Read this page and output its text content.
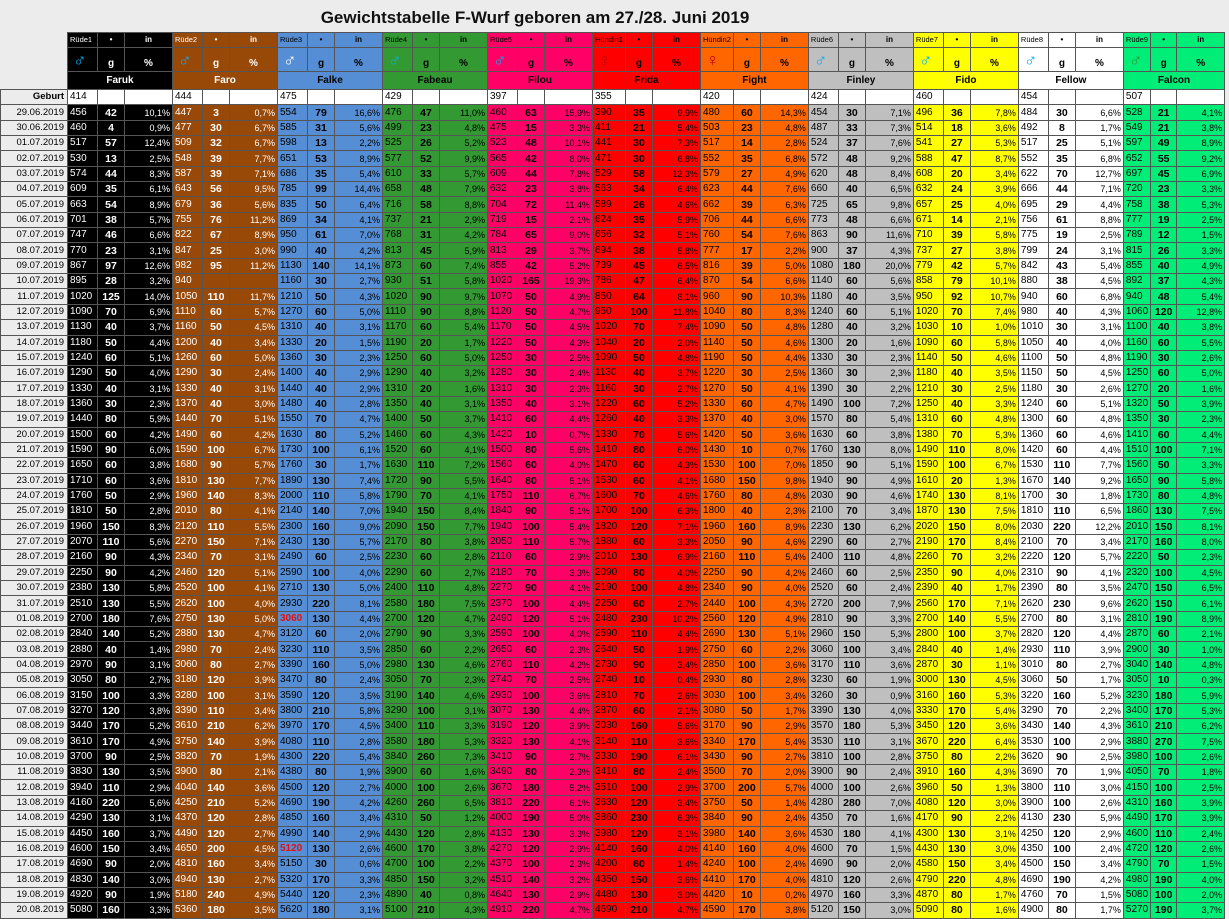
Gewichtstabelle F-Wurf geboren am 27./28. Juni 2019
	Rüde1	•	in	Rüde2	•	in	Rüde3	•	in	Rüde4	•	in	Rüde5	•	in	Hündin1	•	in	Hündin2	•	in	Rüde6	•	in	Rüde7	•	in	Rüde8	•	in	Rüde9	•	in

	♂	g	%	♂	g	%	♂	g	%	♂	g	%	♂	g	%	♀	g	%	♀	g	%	♂	g	%	♂	g	%	♂	g	%	♂	g	%
	Faruk			Faro			Falke			Fabeau			Filou			Frida			Fight			Finley			Fido			Fellow			Falcon		
Geburt	414			444			475			429			397			355			420			424			460			454			507		
29.06.2019	456	42	10,1%	447	3	0,7%	554	79	16,6%	476	47	11,0%	460	63	15,9%	390	35	9,9%	480	60	14,3%	454	30	7,1%	496	36	7,8%	484	30	6,6%	528	21	4,1%
30.06.2019	460	4	0,9%	477	30	6,7%	585	31	5,6%	499	23	4,8%	475	15	3,3%	411	21	5,4%	503	23	4,8%	487	33	7,3%	514	18	3,6%	492	8	1,7%	549	21	3,8%
01.07.2019	517	57	12,4%	509	32	6,7%	598	13	2,2%	525	26	5,2%	523	48	10,1%	441	30	7,3%	517	14	2,8%	524	37	7,6%	541	27	5,3%	517	25	5,1%	597	49	8,9%
02.07.2019	530	13	2,5%	548	39	7,7%	651	53	8,9%	577	52	9,9%	565	42	8,0%	471	30	6,8%	552	35	6,8%	572	48	9,2%	588	47	8,7%	552	35	6,8%	652	55	9,2%
03.07.2019	574	44	8,3%	587	39	7,1%	686	35	5,4%	610	33	5,7%	609	44	7,8%	529	58	12,3%	579	27	4,9%	620	48	8,4%	608	20	3,4%	622	70	12,7%	697	45	6,9%
04.07.2019	609	35	6,1%	643	56	9,5%	785	99	14,4%	658	48	7,9%	632	23	3,8%	563	34	6,4%	623	44	7,6%	660	40	6,5%	632	24	3,9%	666	44	7,1%	720	23	3,3%
05.07.2019	663	54	8,9%	679	36	5,6%	835	50	6,4%	716	58	8,8%	704	72	11,4%	589	26	4,6%	662	39	6,3%	725	65	9,8%	657	25	4,0%	695	29	4,4%	758	38	5,3%
06.07.2019	701	38	5,7%	755	76	11,2%	869	34	4,1%	737	21	2,9%	719	15	2,1%	624	35	5,9%	706	44	6,6%	773	48	6,6%	671	14	2,1%	756	61	8,8%	777	19	2,5%
07.07.2019	747	46	6,6%	822	67	8,9%	950	61	7,0%	768	31	4,2%	784	65	9,0%	656	32	5,1%	760	54	7,6%	863	90	11,6%	710	39	5,8%	775	19	2,5%	789	12	1,5%
08.07.2019	770	23	3,1%	847	25	3,0%	990	40	4,2%	813	45	5,9%	813	29	3,7%	694	38	5,8%	777	17	2,2%	900	37	4,3%	737	27	3,8%	799	24	3,1%	815	26	3,3%
09.07.2019	867	97	12,6%	982	95	11,2%	1130	140	14,1%	873	60	7,4%	855	42	5,2%	739	45	6,5%	816	39	5,0%	1080	180	20,0%	779	42	5,7%	842	43	5,4%	855	40	4,9%
10.07.2019	895	28	3,2%	940			1160	30	2,7%	930	51	5,8%	1020	165	19,3%	786	47	6,4%	870	54	6,6%	1140	60	5,6%	858	79	10,1%	880	38	4,5%	892	37	4,3%
11.07.2019	1020	125	14,0%	1050	110	11,7%	1210	50	4,3%	1020	90	9,7%	1070	50	4,9%	850	64	8,1%	960	90	10,3%	1180	40	3,5%	950	92	10,7%	940	60	6,8%	940	48	5,4%
12.07.2019	1090	70	6,9%	1110	60	5,7%	1270	60	5,0%	1110	90	8,8%	1120	50	4,7%	950	100	11,8%	1040	80	8,3%	1240	60	5,1%	1020	70	7,4%	980	40	4,3%	1060	120	12,8%
13.07.2019	1130	40	3,7%	1160	50	4,5%	1310	40	3,1%	1170	60	5,4%	1170	50	4,5%	1020	70	7,4%	1090	50	4,8%	1280	40	3,2%	1030	10	1,0%	1010	30	3,1%	1100	40	3,8%
14.07.2019	1180	50	4,4%	1200	40	3,4%	1330	20	1,5%	1190	20	1,7%	1220	50	4,3%	1040	20	2,0%	1140	50	4,6%	1300	20	1,6%	1090	60	5,8%	1050	40	4,0%	1160	60	5,5%
15.07.2019	1240	60	5,1%	1260	60	5,0%	1360	30	2,3%	1250	60	5,0%	1250	30	2,5%	1090	50	4,8%	1190	50	4,4%	1330	30	2,3%	1140	50	4,6%	1100	50	4,8%	1190	30	2,6%
16.07.2019	1290	50	4,0%	1290	30	2,4%	1400	40	2,9%	1290	40	3,2%	1280	30	2,4%	1130	40	3,7%	1220	30	2,5%	1360	30	2,3%	1180	40	3,5%	1150	50	4,5%	1250	60	5,0%
17.07.2019	1330	40	3,1%	1330	40	3,1%	1440	40	2,9%	1310	20	1,6%	1310	30	2,3%	1160	30	2,7%	1270	50	4,1%	1390	30	2,2%	1210	30	2,5%	1180	30	2,6%	1270	20	1,6%
18.07.2019	1360	30	2,3%	1370	40	3,0%	1480	40	2,8%	1350	40	3,1%	1350	40	3,1%	1220	60	5,2%	1330	60	4,7%	1490	100	7,2%	1250	40	3,3%	1240	60	5,1%	1320	50	3,9%
19.07.2019	1440	80	5,9%	1440	70	5,1%	1550	70	4,7%	1400	50	3,7%	1410	60	4,4%	1260	40	3,3%	1370	40	3,0%	1570	80	5,4%	1310	60	4,8%	1300	60	4,8%	1350	30	2,3%
20.07.2019	1500	60	4,2%	1490	60	4,2%	1630	80	5,2%	1460	60	4,3%	1420	10	0,7%	1330	70	5,6%	1420	50	3,6%	1630	60	3,8%	1380	70	5,3%	1360	60	4,6%	1410	60	4,4%
21.07.2019	1590	90	6,0%	1590	100	6,7%	1730	100	6,1%	1520	60	4,1%	1500	80	5,6%	1410	80	6,0%	1430	10	0,7%	1760	130	8,0%	1490	110	8,0%	1420	60	4,4%	1510	100	7,1%
22.07.2019	1650	60	3,8%	1680	90	5,7%	1760	30	1,7%	1630	110	7,2%	1560	60	4,0%	1470	60	4,3%	1530	100	7,0%	1850	90	5,1%	1590	100	6,7%	1530	110	7,7%	1560	50	3,3%
23.07.2019	1710	60	3,6%	1810	130	7,7%	1890	130	7,4%	1720	90	5,5%	1640	80	5,1%	1530	60	4,1%	1680	150	9,8%	1940	90	4,9%	1610	20	1,3%	1670	140	9,2%	1650	90	5,8%
24.07.2019	1760	50	2,9%	1960	140	8,3%	2000	110	5,8%	1790	70	4,1%	1750	110	6,7%	1600	70	4,6%	1760	80	4,8%	2030	90	4,6%	1740	130	8,1%	1700	30	1,8%	1730	80	4,8%
25.07.2019	1810	50	2,8%	2010	80	4,1%	2140	140	7,0%	1940	150	8,4%	1840	90	5,1%	1700	100	6,3%	1800	40	2,3%	2100	70	3,4%	1870	130	7,5%	1810	110	6,5%	1860	130	7,5%
26.07.2019	1960	150	8,3%	2120	110	5,5%	2300	160	9,0%	2090	150	7,7%	1940	100	5,4%	1820	120	7,1%	1960	160	8,9%	2230	130	6,2%	2020	150	8,0%	2030	220	12,2%	2010	150	8,1%
27.07.2019	2070	110	5,6%	2270	150	7,1%	2430	130	5,7%	2170	80	3,8%	2050	110	5,7%	1880	60	3,3%	2050	90	4,6%	2290	60	2,7%	2190	170	8,4%	2100	70	3,4%	2170	160	8,0%
28.07.2019	2160	90	4,3%	2340	70	3,1%	2490	60	2,5%	2230	60	2,8%	2110	60	2,9%	2010	130	6,9%	2160	110	5,4%	2400	110	4,8%	2260	70	3,2%	2220	120	5,7%	2220	50	2,3%
29.07.2019	2250	90	4,2%	2460	120	5,1%	2590	100	4,0%	2290	60	2,7%	2180	70	3,3%	2090	80	4,0%	2250	90	4,2%	2460	60	2,5%	2350	90	4,0%	2310	90	4,1%	2320	100	4,5%
30.07.2019	2380	130	5,8%	2520	100	4,1%	2710	130	5,0%	2400	110	4,8%	2270	90	4,1%	2190	100	4,8%	2340	90	4,0%	2520	60	2,4%	2390	40	1,7%	2390	80	3,5%	2470	150	6,5%
31.07.2019	2510	130	5,5%	2620	100	4,0%	2930	220	8,1%	2580	180	7,5%	2370	100	4,4%	2250	60	2,7%	2440	100	4,3%	2720	200	7,9%	2560	170	7,1%	2620	230	9,6%	2620	150	6,1%
01.08.2019	2700	180	7,6%	2750	130	5,0%	3060	130	4,4%	2700	120	4,7%	2490	120	5,1%	2480	230	10,2%	2560	120	4,9%	2810	90	3,3%	2700	140	5,5%	2700	80	3,1%	2810	190	8,9%
02.08.2019	2840	140	5,2%	2880	130	4,7%	3120	60	2,0%	2790	90	3,3%	2590	100	4,0%	2590	110	4,4%	2690	130	5,1%	2960	150	5,3%	2800	100	3,7%	2820	120	4,4%	2870	60	2,1%
03.08.2019	2880	40	1,4%	2980	70	2,4%	3230	110	3,5%	2850	60	2,2%	2650	60	2,3%	2640	50	1,9%	2750	60	2,2%	3060	100	3,4%	2840	40	1,4%	2930	110	3,9%	2900	30	1,0%
04.08.2019	2970	90	3,1%	3060	80	2,7%	3390	160	5,0%	2980	130	4,6%	2760	110	4,2%	2730	90	3,4%	2850	100	3,6%	3170	110	3,6%	2870	30	1,1%	3010	80	2,7%	3040	140	4,8%
05.08.2019	3050	80	2,7%	3180	120	3,9%	3470	80	2,4%	3050	70	2,3%	2740	70	2,5%	2740	10	0,4%	2930	80	2,8%	3230	60	1,9%	3000	130	4,5%	3060	50	1,7%	3050	10	0,3%
06.08.2019	3150	100	3,3%	3280	100	3,1%	3590	120	3,5%	3190	140	4,6%	2930	100	3,6%	2810	70	2,6%	3030	100	3,4%	3260	30	0,9%	3160	160	5,3%	3220	160	5,2%	3230	180	5,9%
07.08.2019	3270	120	3,8%	3390	110	3,4%	3800	210	5,8%	3290	100	3,1%	3070	130	4,4%	2870	60	2,1%	3080	50	1,7%	3390	130	4,0%	3330	170	5,4%	3290	70	2,2%	3400	170	5,3%
08.08.2019	3440	170	5,2%	3610	210	6,2%	3970	170	4,5%	3400	110	3,3%	3190	120	3,9%	3030	160	5,6%	3170	90	2,9%	3570	180	5,3%	3450	120	3,6%	3430	140	4,3%	3610	210	6,2%
09.08.2019	3610	170	4,9%	3750	140	3,9%	4080	110	2,8%	3580	180	5,3%	3320	130	4,1%	3140	110	3,6%	3340	170	5,4%	3530	110	3,1%	3670	220	6,4%	3530	100	2,9%	3880	270	7,5%
10.08.2019	3700	90	2,5%	3820	70	1,9%	4300	220	5,4%	3840	260	7,3%	3410	90	2,7%	3330	190	6,1%	3430	90	2,7%	3810	100	2,8%	3750	80	2,2%	3620	90	2,5%	3980	100	2,6%
11.08.2019	3830	130	3,5%	3900	80	2,1%	4380	80	1,9%	3900	60	1,6%	3490	80	2,3%	3410	80	2,4%	3500	70	2,0%	3900	90	2,4%	3910	160	4,3%	3690	70	1,9%	4050	70	1,8%
12.08.2019	3940	110	2,9%	4040	140	3,6%	4500	120	2,7%	4000	100	2,6%	3670	180	5,2%	3510	100	2,9%	3700	200	5,7%	4000	100	2,6%	3960	50	1,3%	3800	110	3,0%	4150	100	2,5%
13.08.2019	4160	220	5,6%	4250	210	5,2%	4690	190	4,2%	4260	260	6,5%	3810	220	6,1%	3630	120	3,4%	3750	50	1,4%	4280	280	7,0%	4080	120	3,0%	3900	100	2,6%	4310	160	3,9%
14.08.2019	4290	130	3,1%	4370	120	2,8%	4850	160	3,4%	4310	50	1,2%	4000	190	5,0%	3860	230	6,3%	3840	90	2,4%	4350	70	1,6%	4170	90	2,2%	4130	230	5,9%	4490	170	3,9%
15.08.2019	4450	160	3,7%	4490	120	2,7%	4990	140	2,9%	4430	120	2,8%	4130	130	3,3%	3980	120	3,1%	3980	140	3,6%	4530	180	4,1%	4300	130	3,1%	4250	120	2,9%	4600	110	2,4%
16.08.2019	4600	150	3,4%	4650	200	4,5%	5120	130	2,6%	4600	170	3,8%	4270	120	2,9%	4140	160	4,0%	4140	160	4,0%	4600	70	1,5%	4430	130	3,0%	4350	100	2,4%	4720	120	2,6%
17.08.2019	4690	90	2,0%	4810	160	3,4%	5150	30	0,6%	4700	100	2,2%	4370	100	2,3%	4200	60	1,4%	4240	100	2,4%	4690	90	2,0%	4580	150	3,4%	4500	150	3,4%	4790	70	1,5%
18.08.2019	4830	140	3,0%	4940	130	2,7%	5320	170	3,3%	4850	150	3,2%	4510	140	3,2%	4350	150	3,6%	4410	170	4,0%	4810	120	2,6%	4790	220	4,8%	4690	190	4,2%	4980	190	4,0%
19.08.2019	4920	90	1,9%	5180	240	4,9%	5440	120	2,3%	4890	40	0,8%	4640	130	2,9%	4480	130	3,0%	4420	10	0,2%	4970	160	3,3%	4870	80	1,7%	4760	70	1,5%	5080	100	2,0%
20.08.2019	5080	160	3,3%	5360	180	3,5%	5620	180	3,1%	5100	210	4,3%	4910	220	4,7%	4690	210	4,7%	4590	170	3,8%	5120	150	3,0%	5090	80	1,6%	4900	80	1,7%	5270	190	3,7%
